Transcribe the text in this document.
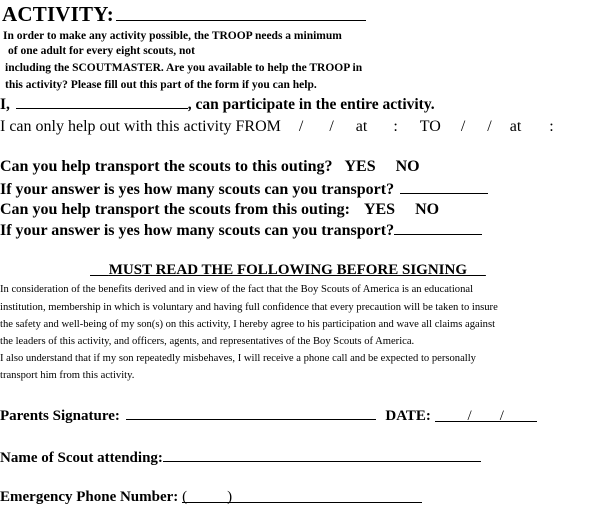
ACTIVITY:
In order to make any activity possible, the TROOP needs a minimum
of one adult for every eight scouts, not
including the SCOUTMASTER. Are you available to help the TROOP in
this activity? Please fill out this part of the form if you can help.
I,	, can participate in the entire activity.
I can only help out with this activity FROM / / at : TO / / at :
Can you help transport the scouts to this outing? YES NO
If your answer is yes how many scouts can you transport?
Can you help transport the scouts from this outing: YES NO
If your answer is yes how many scouts can you transport?
MUST READ THE FOLLOWING BEFORE SIGNING
In consideration of the benefits derived and in view of the fact that the Boy Scouts of America is an educational
institution, membership in which is voluntary and having full confidence that every precaution will be taken to insure
the safety and well-being of my son(s) on this activity, I hereby agree to his participation and wave all claims against
the leaders of this activity, and officers, agents, and representatives of the Boy Scouts of America.
I also understand that if my son repeatedly misbehaves, I will receive a phone call and be expected to personally
transport him from this activity.
Parents Signature:	DATE: / /
Name of Scout attending:
Emergency Phone Number: (	)
